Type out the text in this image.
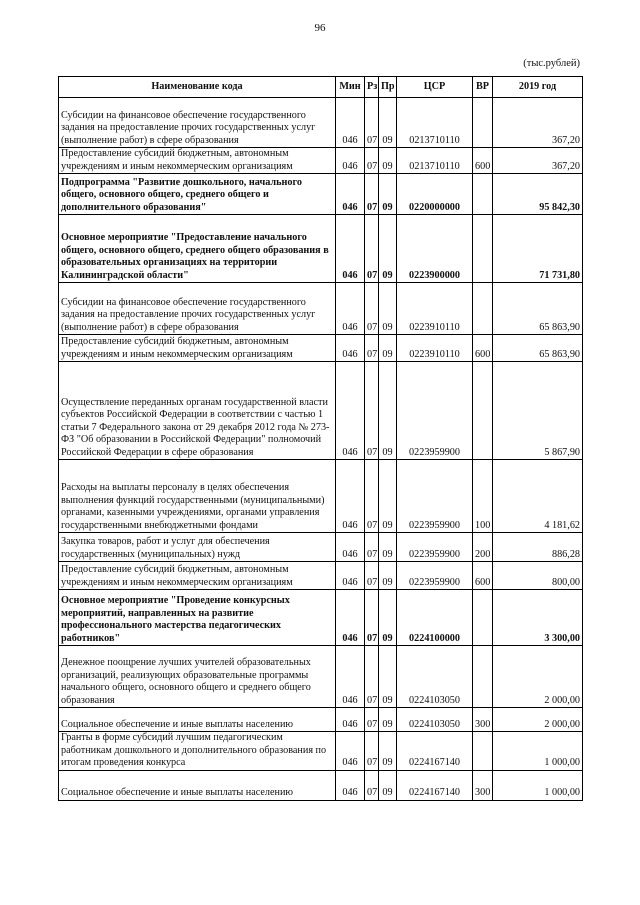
96
(тыс.рублей)
Наименование кода	Мин	Рз	Пр	ЦСР	ВР	2019 год
Субсидии на финансовое обеспечение государственного задания на предоставление прочих государственных услуг (выполнение работ) в сфере образования	046	07	09	0213710110		367,20
Предоставление субсидий бюджетным, автономным учреждениям и иным некоммерческим организациям	046	07	09	0213710110	600	367,20
Подпрограмма "Развитие дошкольного, начального общего, основного общего, среднего общего и дополнительного образования"	046	07	09	0220000000		95 842,30
Основное мероприятие "Предоставление начального общего, основного общего, среднего общего образования в образовательных организациях на территории Калининградской области"	046	07	09	0223900000		71 731,80
Субсидии на финансовое обеспечение государственного задания на предоставление прочих государственных услуг (выполнение работ) в сфере образования	046	07	09	0223910110		65 863,90
Предоставление субсидий бюджетным, автономным учреждениям и иным некоммерческим организациям	046	07	09	0223910110	600	65 863,90
Осуществление переданных органам государственной власти субъектов Российской Федерации в соответствии с частью 1 статьи 7 Федерального закона от 29 декабря 2012 года № 273-ФЗ "Об образовании в Российской Федерации" полномочий Российской Федерации в сфере образования	046	07	09	0223959900		5 867,90
Расходы на выплаты персоналу в целях обеспечения выполнения функций государственными (муниципальными) органами, казенными учреждениями, органами управления государственными внебюджетными фондами	046	07	09	0223959900	100	4 181,62
Закупка товаров, работ и услуг для обеспечения государственных (муниципальных) нужд	046	07	09	0223959900	200	886,28
Предоставление субсидий бюджетным, автономным учреждениям и иным некоммерческим организациям	046	07	09	0223959900	600	800,00
Основное мероприятие "Проведение конкурсных мероприятий, направленных на развитие профессионального мастерства педагогических работников"	046	07	09	0224100000		3 300,00
Денежное поощрение лучших учителей образовательных организаций, реализующих образовательные программы начального общего, основного общего и среднего общего образования	046	07	09	0224103050		2 000,00
Социальное обеспечение и иные выплаты населению	046	07	09	0224103050	300	2 000,00
Гранты в форме субсидий лучшим педагогическим работникам дошкольного и дополнительного образования по итогам проведения конкурса	046	07	09	0224167140		1 000,00
Социальное обеспечение и иные выплаты населению	046	07	09	0224167140	300	1 000,00
